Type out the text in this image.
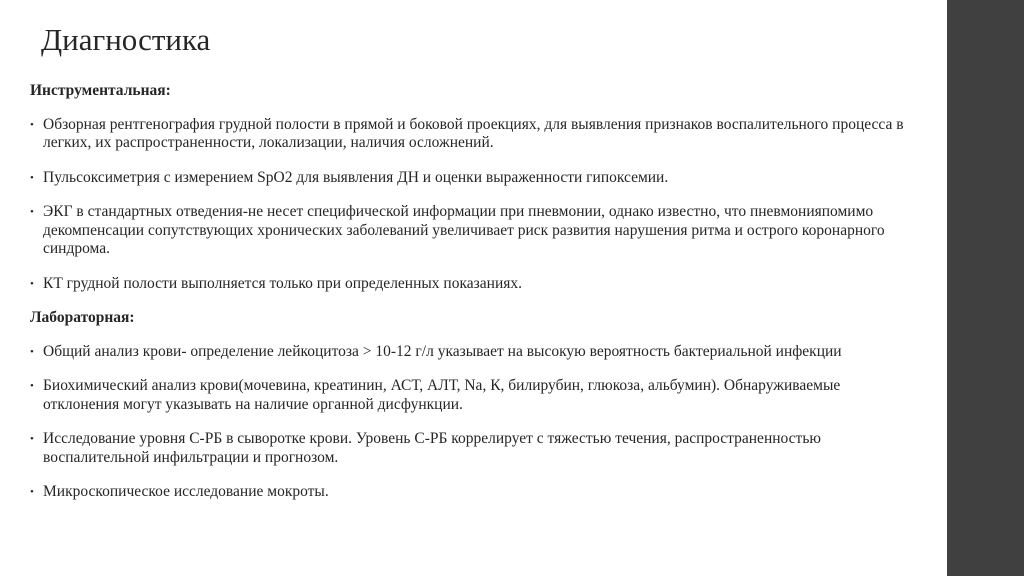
Диагностика

Инструментальная:

• Обзорная рентгенография грудной полости в прямой и боковой проекциях, для выявления признаков воспалительного процесса в легких, их распространенности, локализации, наличия осложнений.
• Пульсоксиметрия с измерением SpO2 для выявления ДН и оценки выраженности гипоксемии.
• ЭКГ в стандартных отведения-не несет специфической информации при пневмонии, однако известно, что пневмонияпомимо декомпенсации сопутствующих хронических заболеваний увеличивает риск развития нарушения ритма и острого коронарного синдрома.
• КТ грудной полости выполняется только при определенных показаниях.

Лабораторная:

• Общий анализ крови- определение лейкоцитоза > 10-12 г/л указывает на высокую вероятность бактериальной инфекции
• Биохимический анализ крови(мочевина, креатинин, АСТ, АЛТ, Na, К, билирубин, глюкоза, альбумин). Обнаруживаемые отклонения могут указывать на наличие органной дисфункции.
• Исследование уровня С-РБ в сыворотке крови. Уровень С-РБ коррелирует с тяжестью течения, распространенностью воспалительной инфильтрации и прогнозом.
• Микроскопическое исследование мокроты.
